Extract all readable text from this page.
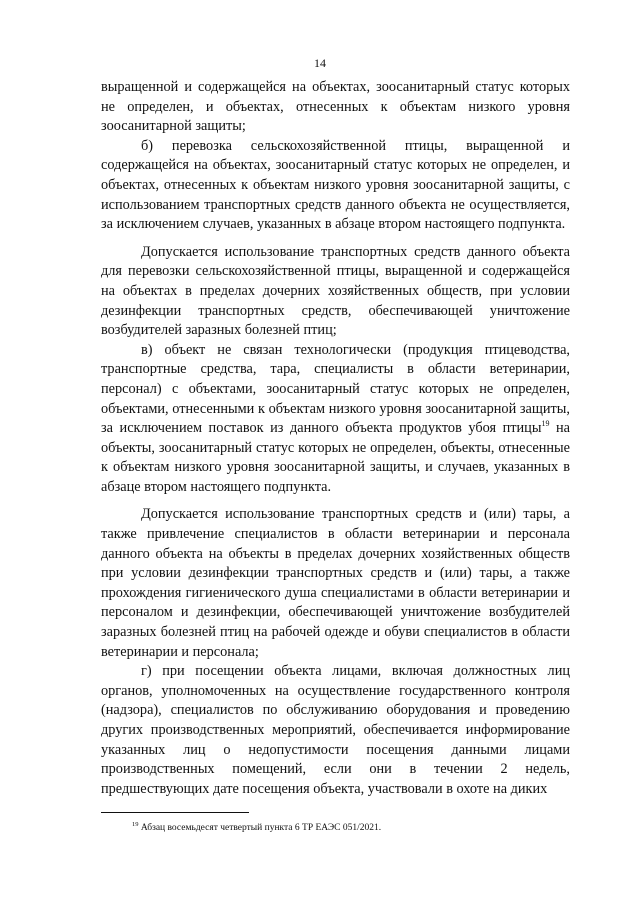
14

выращенной и содержащейся на объектах, зоосанитарный статус которых не определен, и объектах, отнесенных к объектам низкого уровня зоосанитарной защиты;

б) перевозка сельскохозяйственной птицы, выращенной и содержащейся на объектах, зоосанитарный статус которых не определен, и объектах, отнесенных к объектам низкого уровня зоосанитарной защиты, с использованием транспортных средств данного объекта не осуществляется, за исключением случаев, указанных в абзаце втором настоящего подпункта.

Допускается использование транспортных средств данного объекта для перевозки сельскохозяйственной птицы, выращенной и содержащейся на объектах в пределах дочерних хозяйственных обществ, при условии дезинфекции транспортных средств, обеспечивающей уничтожение возбудителей заразных болезней птиц;

в) объект не связан технологически (продукция птицеводства, транспортные средства, тара, специалисты в области ветеринарии, персонал) с объектами, зоосанитарный статус которых не определен, объектами, отнесенными к объектам низкого уровня зоосанитарной защиты, за исключением поставок из данного объекта продуктов убоя птицы$^{19}$ на объекты, зоосанитарный статус которых не определен, объекты, отнесенные к объектам низкого уровня зоосанитарной защиты, и случаев, указанных в абзаце втором настоящего подпункта.

Допускается использование транспортных средств и (или) тары, а также привлечение специалистов в области ветеринарии и персонала данного объекта на объекты в пределах дочерних хозяйственных обществ при условии дезинфекции транспортных средств и (или) тары, а также прохождения гигиенического душа специалистами в области ветеринарии и персоналом и дезинфекции, обеспечивающей уничтожение возбудителей заразных болезней птиц на рабочей одежде и обуви специалистов в области ветеринарии и персонала;

г) при посещении объекта лицами, включая должностных лиц органов, уполномоченных на осуществление государственного контроля (надзора), специалистов по обслуживанию оборудования и проведению других производственных мероприятий, обеспечивается информирование указанных лиц о недопустимости посещения данными лицами производственных помещений, если они в течении 2 недель, предшествующих дате посещения объекта, участвовали в охоте на диких

$^{19}$ Абзац восемьдесят четвертый пункта 6 ТР ЕАЭС 051/2021.
